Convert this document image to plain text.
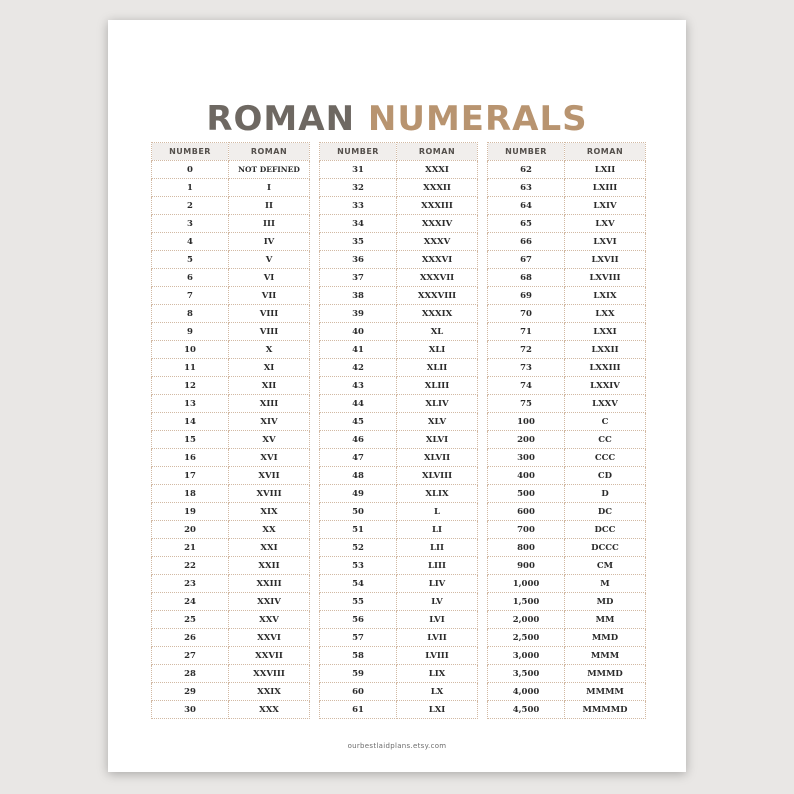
ROMAN NUMERALS
NUMBER	ROMAN
0	NOT DEFINED
1	I
2	II
3	III
4	IV
5	V
6	VI
7	VII
8	VIII
9	VIII
10	X
11	XI
12	XII
13	XIII
14	XIV
15	XV
16	XVI
17	XVII
18	XVIII
19	XIX
20	XX
21	XXI
22	XXII
23	XXIII
24	XXIV
25	XXV
26	XXVI
27	XXVII
28	XXVIII
29	XXIX
30	XXX
NUMBER	ROMAN
31	XXXI
32	XXXII
33	XXXIII
34	XXXIV
35	XXXV
36	XXXVI
37	XXXVII
38	XXXVIII
39	XXXIX
40	XL
41	XLI
42	XLII
43	XLIII
44	XLIV
45	XLV
46	XLVI
47	XLVII
48	XLVIII
49	XLIX
50	L
51	LI
52	LII
53	LIII
54	LIV
55	LV
56	LVI
57	LVII
58	LVIII
59	LIX
60	LX
61	LXI
NUMBER	ROMAN
62	LXII
63	LXIII
64	LXIV
65	LXV
66	LXVI
67	LXVII
68	LXVIII
69	LXIX
70	LXX
71	LXXI
72	LXXII
73	LXXIII
74	LXXIV
75	LXXV
100	C
200	CC
300	CCC
400	CD
500	D
600	DC
700	DCC
800	DCCC
900	CM
1,000	M
1,500	MD
2,000	MM
2,500	MMD
3,000	MMM
3,500	MMMD
4,000	MMMM
4,500	MMMMD
ourbestlaidplans.etsy.com
